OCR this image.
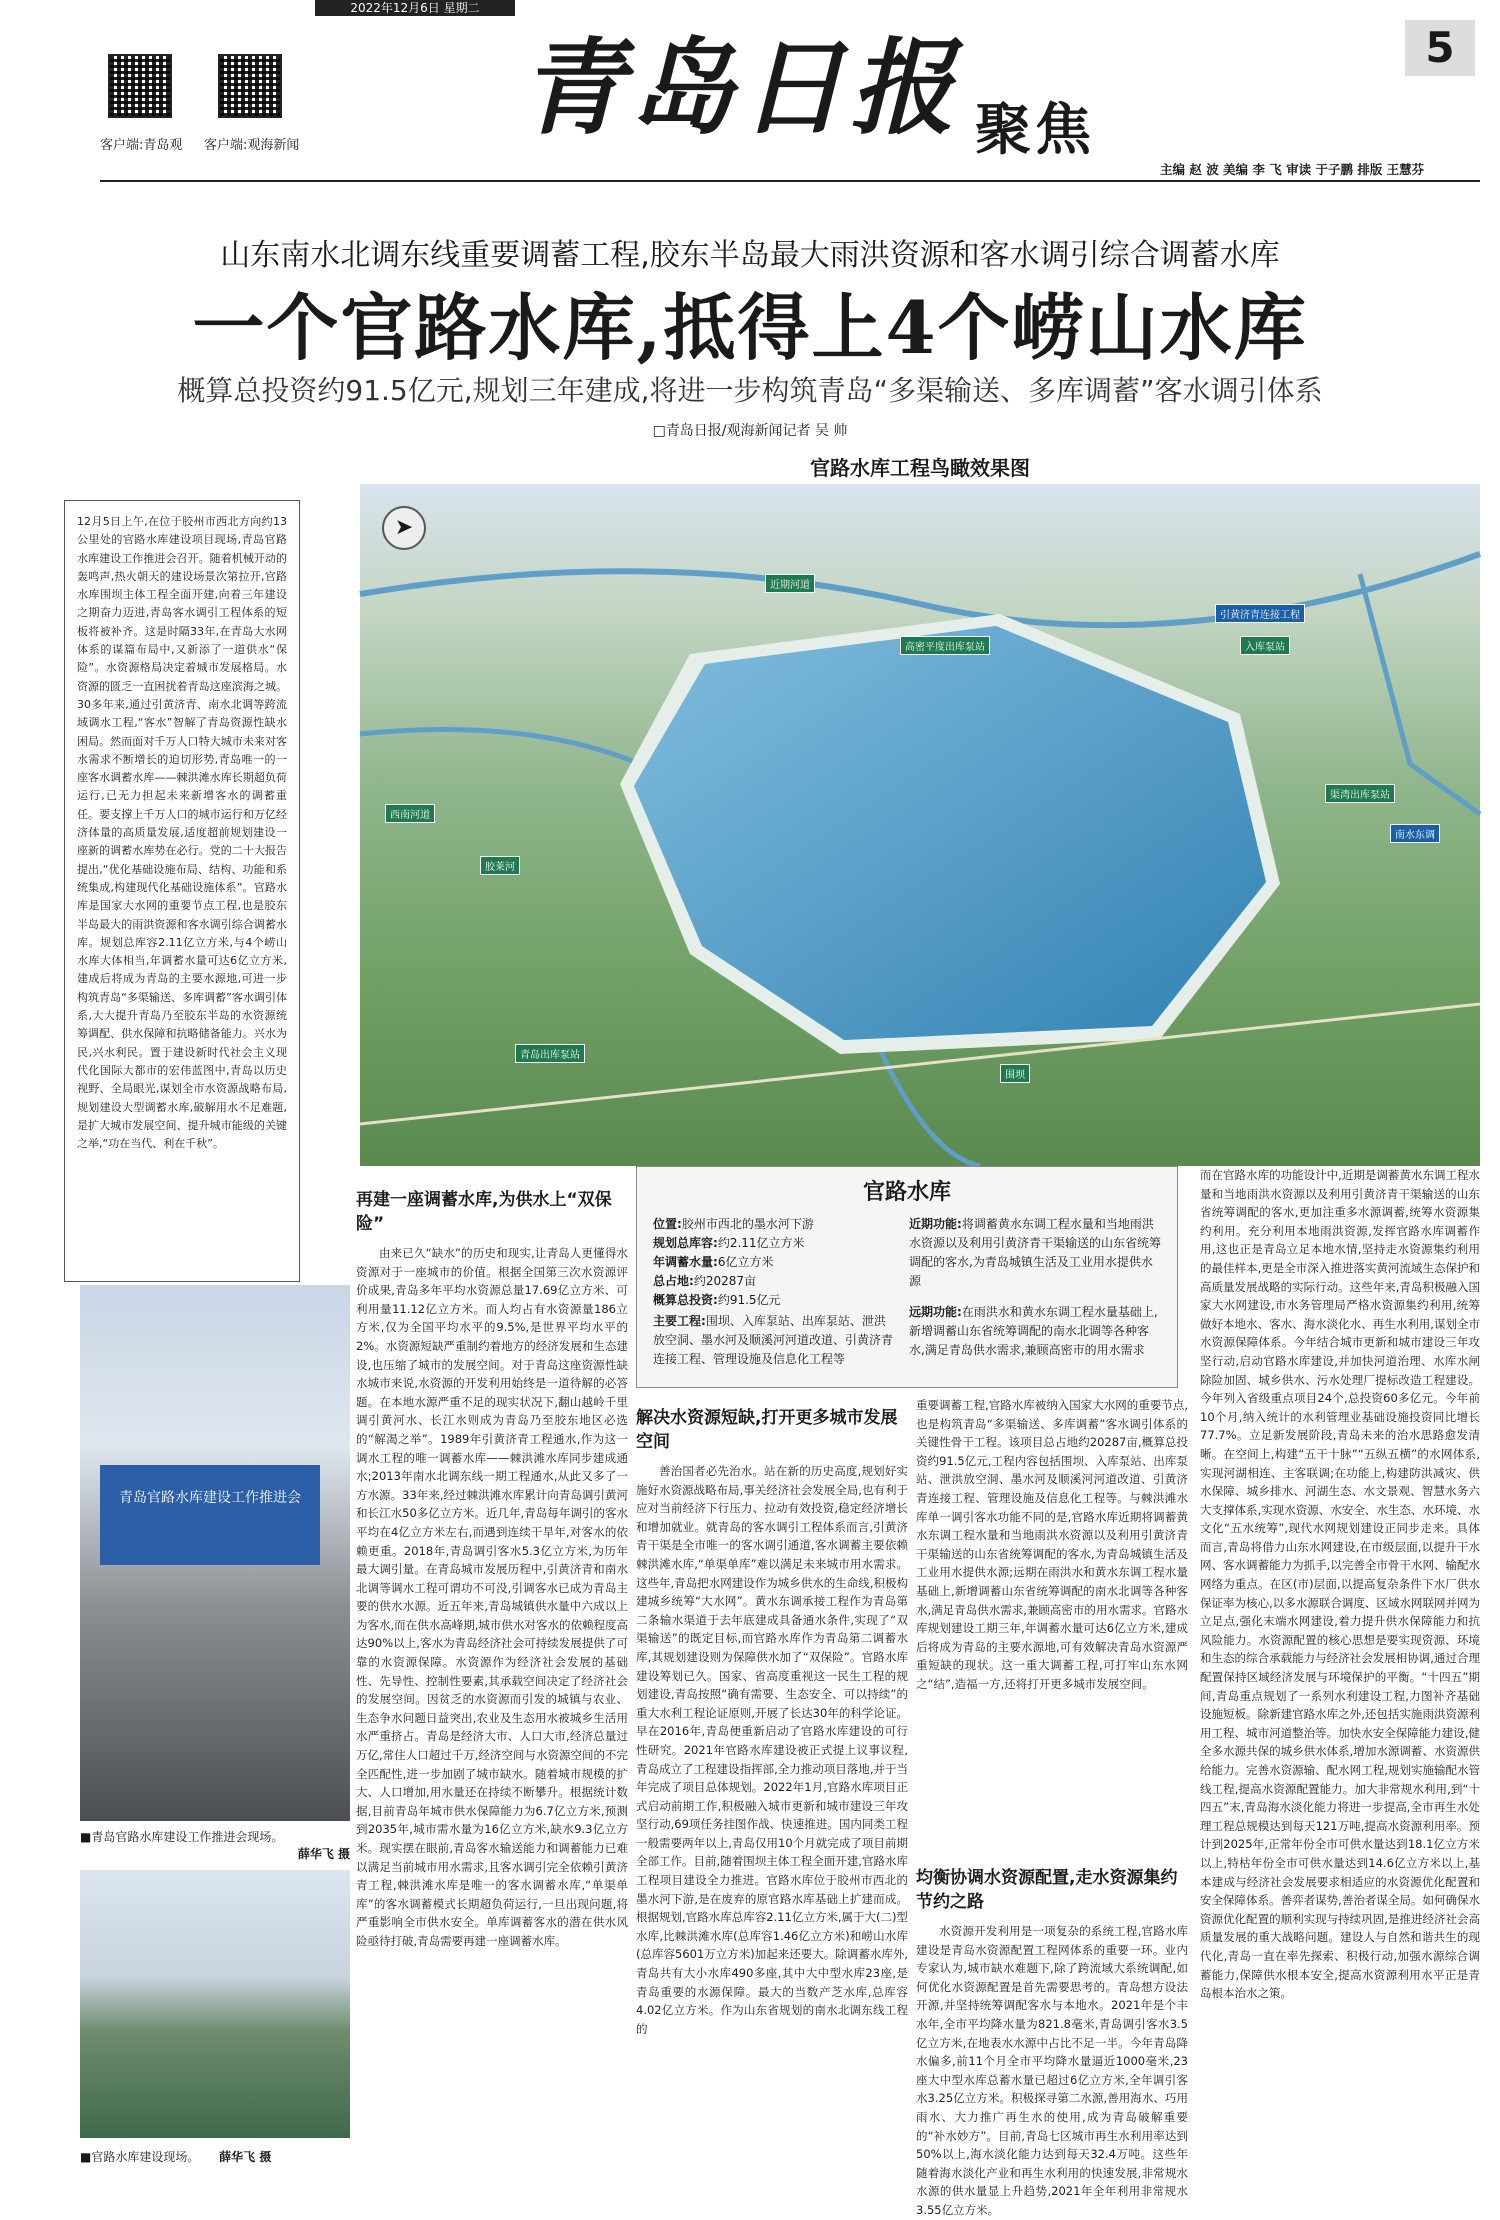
2022年12月6日 星期二
客户端:青岛观 客户端:观海新闻 青岛日报 聚焦
5
主编 赵 波 美编 李 飞 审读 于子鹏 排版 王慧芬
山东南水北调东线重要调蓄工程,胶东半岛最大雨洪资源和客水调引综合调蓄水库
一个官路水库,抵得上4个崂山水库
概算总投资约91.5亿元,规划三年建成,将进一步构筑青岛“多渠输送、多库调蓄”客水调引体系
□青岛日报/观海新闻记者 吴 帅
12月5日上午,在位于胶州市西北方向约13公里处的官路水库建设项目现场,青岛官路水库建设工作推进会召开。随着机械开动的轰鸣声,热火朝天的建设场景次第拉开,官路水库围坝主体工程全面开建,向着三年建设之期奋力迈进,青岛客水调引工程体系的短板将被补齐。这是时隔33年,在青岛大水网体系的谋篇布局中,又新添了一道供水“保险”。水资源格局决定着城市发展格局。水资源的匮乏一直困扰着青岛这座滨海之城。30多年来,通过引黄济青、南水北调等跨流域调水工程,“客水”智解了青岛资源性缺水困局。然而面对千万人口特大城市未来对客水需求不断增长的迫切形势,青岛唯一的一座客水调蓄水库——棘洪滩水库长期超负荷运行,已无力担起未来新增客水的调蓄重任。要支撑上千万人口的城市运行和万亿经济体量的高质量发展,适度超前规划建设一座新的调蓄水库势在必行。党的二十大报告提出,“优化基础设施布局、结构、功能和系统集成,构建现代化基础设施体系”。官路水库是国家大水网的重要节点工程,也是胶东半岛最大的雨洪资源和客水调引综合调蓄水库。规划总库容2.11亿立方米,与4个崂山水库大体相当,年调蓄水量可达6亿立方米,建成后将成为青岛的主要水源地,可进一步构筑青岛“多渠输送、多库调蓄”客水调引体系,大大提升青岛乃至胶东半岛的水资源统筹调配、供水保障和抗略储备能力。兴水为民,兴水利民。置于建设新时代社会主义现代化国际大都市的宏伟蓝图中,青岛以历史视野、全局眼光,谋划全市水资源战略布局,规划建设大型调蓄水库,破解用水不足难题,是扩大城市发展空间、提升城市能级的关键之举,“功在当代、利在千秋”。
官路水库工程鸟瞰效果图
近期河道
高密平度出库泵站
引黄济青连接工程
入库泵站
渠湾出库泵站
南水东调
胶莱河
青岛出库泵站
西南河道
围坝
➤
青岛官路水库建设工作推进会
■青岛官路水库建设工作推进会现场。

薛华飞 摄
■官路水库建设现场。 薛华飞 摄
再建一座调蓄水库,为供水上“双保险”

由来已久“缺水”的历史和现实,让青岛人更懂得水资源对于一座城市的价值。根据全国第三次水资源评价成果,青岛多年平均水资源总量17.69亿立方米、可利用量11.12亿立方米。而人均占有水资源量186立方米,仅为全国平均水平的9.5%,是世界平均水平的2%。水资源短缺严重制约着地方的经济发展和生态建设,也压缩了城市的发展空间。对于青岛这座资源性缺水城市来说,水资源的开发利用始终是一道待解的必答题。在本地水源严重不足的现实状况下,翻山越岭千里调引黄河水、长江水则成为青岛乃至胶东地区必选的“解渴之举”。1989年引黄济青工程通水,作为这一调水工程的唯一调蓄水库——棘洪滩水库同步建成通水;2013年南水北调东线一期工程通水,从此又多了一方水源。33年来,经过棘洪滩水库累计向青岛调引黄河和长江水50多亿立方米。近几年,青岛每年调引的客水平均在4亿立方米左右,而遇到连续干旱年,对客水的依赖更重。2018年,青岛调引客水5.3亿立方米,为历年最大调引量。在青岛城市发展历程中,引黄济青和南水北调等调水工程可谓功不可没,引调客水已成为青岛主要的供水水源。近五年来,青岛城镇供水量中六成以上为客水,而在供水高峰期,城市供水对客水的依赖程度高达90%以上,客水为青岛经济社会可持续发展提供了可靠的水资源保障。水资源作为经济社会发展的基础性、先导性、控制性要素,其承载空间决定了经济社会的发展空间。因贫乏的水资源而引发的城镇与农业、生态争水问题日益突出,农业及生态用水被城乡生活用水严重挤占。青岛是经济大市、人口大市,经济总量过万亿,常住人口超过千万,经济空间与水资源空间的不完全匹配性,进一步加剧了城市缺水。随着城市规模的扩大、人口增加,用水量还在持续不断攀升。根据统计数据,目前青岛年城市供水保障能力为6.7亿立方米,预测到2035年,城市需水量为16亿立方米,缺水9.3亿立方米。现实摆在眼前,青岛客水输送能力和调蓄能力已难以满足当前城市用水需求,且客水调引完全依赖引黄济青工程,棘洪滩水库是唯一的客水调蓄水库,“单渠单库”的客水调蓄模式长期超负荷运行,一旦出现问题,将严重影响全市供水安全。单库调蓄客水的潜在供水风险亟待打破,青岛需要再建一座调蓄水库。

官路水库
位置:胶州市西北的墨水河下游
规划总库容:约2.11亿立方米
年调蓄水量:6亿立方米
总占地:约20287亩
概算总投资:约91.5亿元
主要工程:围坝、入库泵站、出库泵站、泄洪放空洞、墨水河及顺溪河河道改道、引黄济青连接工程、管理设施及信息化工程等
近期功能:将调蓄黄水东调工程水量和当地雨洪水资源以及利用引黄济青干渠输送的山东省统筹调配的客水,为青岛城镇生活及工业用水提供水源
远期功能:在雨洪水和黄水东调工程水量基础上,新增调蓄山东省统筹调配的南水北调等各种客水,满足青岛供水需求,兼顾高密市的用水需求
解决水资源短缺,打开更多城市发展空间

善治国者必先治水。站在新的历史高度,规划好实施好水资源战略布局,事关经济社会发展全局,也有利于应对当前经济下行压力、拉动有效投资,稳定经济增长和增加就业。就青岛的客水调引工程体系而言,引黄济青干渠是全市唯一的客水调引通道,客水调蓄主要依赖棘洪滩水库,“单渠单库”难以满足未来城市用水需求。这些年,青岛把水网建设作为城乡供水的生命线,积极构建城乡统筹“大水网”。黄水东调承接工程作为青岛第二条输水渠道于去年底建成具备通水条件,实现了“双渠输送”的既定目标,而官路水库作为青岛第二调蓄水库,其规划建设则为保障供水加了“双保险”。官路水库建设筹划已久。国家、省高度重视这一民生工程的规划建设,青岛按照“确有需要、生态安全、可以持续”的重大水利工程论证原则,开展了长达30年的科学论证。早在2016年,青岛便重新启动了官路水库建设的可行性研究。2021年官路水库建设被正式提上议事议程,青岛成立了工程建设指挥部,全力推动项目落地,并于当年完成了项目总体规划。2022年1月,官路水库项目正式启动前期工作,积极融入城市更新和城市建设三年攻坚行动,69项任务挂图作战、快速推进。国内同类工程一般需要两年以上,青岛仅用10个月就完成了项目前期全部工作。目前,随着围坝主体工程全面开建,官路水库工程项目建设全力推进。官路水库位于胶州市西北的墨水河下游,是在废弃的原官路水库基础上扩建而成。根据规划,官路水库总库容2.11亿立方米,属于大(二)型水库,比棘洪滩水库(总库容1.46亿立方米)和崂山水库(总库容5601万立方米)加起来还要大。除调蓄水库外,青岛共有大小水库490多座,其中大中型水库23座,是青岛重要的水源保障。最大的当数产芝水库,总库容4.02亿立方米。作为山东省规划的南水北调东线工程的

重要调蓄工程,官路水库被纳入国家大水网的重要节点,也是构筑青岛“多渠输送、多库调蓄”客水调引体系的关键性骨干工程。该项目总占地约20287亩,概算总投资约91.5亿元,工程内容包括围坝、入库泵站、出库泵站、泄洪放空洞、墨水河及顺溪河河道改道、引黄济青连接工程、管理设施及信息化工程等。与棘洪滩水库单一调引客水功能不同的是,官路水库近期将调蓄黄水东调工程水量和当地雨洪水资源以及利用引黄济青干渠输送的山东省统筹调配的客水,为青岛城镇生活及工业用水提供水源;远期在雨洪水和黄水东调工程水量基础上,新增调蓄山东省统筹调配的南水北调等各种客水,满足青岛供水需求,兼顾高密市的用水需求。官路水库规划建设工期三年,年调蓄水量可达6亿立方米,建成后将成为青岛的主要水源地,可有效解决青岛水资源严重短缺的现状。这一重大调蓄工程,可打牢山东水网之“结”,造福一方,还将打开更多城市发展空间。

均衡协调水资源配置,走水资源集约节约之路

水资源开发利用是一项复杂的系统工程,官路水库建设是青岛水资源配置工程网体系的重要一环。业内专家认为,城市缺水难题下,除了跨流域大系统调配,如何优化水资源配置是首先需要思考的。青岛想方设法开源,并坚持统筹调配客水与本地水。2021年是个丰水年,全市平均降水量为821.8毫米,青岛调引客水3.5亿立方米,在地表水水源中占比不足一半。今年青岛降水偏多,前11个月全市平均降水量逼近1000毫米,23座大中型水库总蓄水量已超过6亿立方米,全年调引客水3.25亿立方米。积极探寻第二水源,善用海水、巧用雨水、大力推广再生水的使用,成为青岛破解重要的“补水妙方”。目前,青岛七区城市再生水利用率达到50%以上,海水淡化能力达到每天32.4万吨。这些年随着海水淡化产业和再生水利用的快速发展,非常规水水源的供水量显上升趋势,2021年全年利用非常规水3.55亿立方米。

而在官路水库的功能设计中,近期是调蓄黄水东调工程水量和当地雨洪水资源以及利用引黄济青干渠输送的山东省统筹调配的客水,更加注重多水源调蓄,统筹水资源集约利用。充分利用本地雨洪资源,发挥官路水库调蓄作用,这也正是青岛立足本地水情,坚持走水资源集约利用的最佳样本,更是全市深入推进落实黄河流域生态保护和高质量发展战略的实际行动。这些年来,青岛积极融入国家大水网建设,市水务管理局严格水资源集约利用,统筹做好本地水、客水、海水淡化水、再生水利用,谋划全市水资源保障体系。今年结合城市更新和城市建设三年攻坚行动,启动官路水库建设,并加快河道治理、水库水闸除险加固、城乡供水、污水处理厂提标改造工程建设。今年列入省级重点项目24个,总投资60多亿元。今年前10个月,纳入统计的水利管理业基础设施投资同比增长77.7%。立足新发展阶段,青岛未来的治水思路愈发清晰。在空间上,构建“五干十脉”“五纵五横”的水网体系,实现河湖相连、主客联调;在功能上,构建防洪减灾、供水保障、城乡排水、河湖生态、水文景观、智慧水务六大支撑体系,实现水资源、水安全、水生态、水环境、水文化“五水统筹”,现代水网规划建设正同步走来。具体而言,青岛将借力山东水网建设,在市级层面,以提升干水网、客水调蓄能力为抓手,以完善全市骨干水网、输配水网络为重点。在区(市)层面,以提高复杂条件下水厂供水保证率为核心,以多水源联合调度、区域水网联网并网为立足点,强化末端水网建设,着力提升供水保障能力和抗风险能力。水资源配置的核心思想是要实现资源、环境和生态的综合承载能力与经济社会发展相协调,通过合理配置保持区域经济发展与环境保护的平衡。“十四五”期间,青岛重点规划了一系列水利建设工程,力图补齐基础设施短板。除新建官路水库之外,还包括实施雨洪资源利用工程、城市河道整治等。加快水安全保障能力建设,健全多水源共保的城乡供水体系,增加水源调蓄、水资源供给能力。完善水资源输、配水网工程,规划实施输配水管线工程,提高水资源配置能力。加大非常规水利用,到“十四五”末,青岛海水淡化能力将进一步提高,全市再生水处理工程总规模达到每天121万吨,提高水资源利用率。预计到2025年,正常年份全市可供水量达到18.1亿立方米以上,特枯年份全市可供水量达到14.6亿立方米以上,基本建成与经济社会发展要求相适应的水资源优化配置和安全保障体系。善弈者谋势,善治者谋全局。如何确保水资源优化配置的顺利实现与持续巩固,是推进经济社会高质量发展的重大战略问题。建设人与自然和谐共生的现代化,青岛一直在率先探索、积极行动,加强水源综合调蓄能力,保障供水根本安全,提高水资源利用水平正是青岛根本治水之策。
